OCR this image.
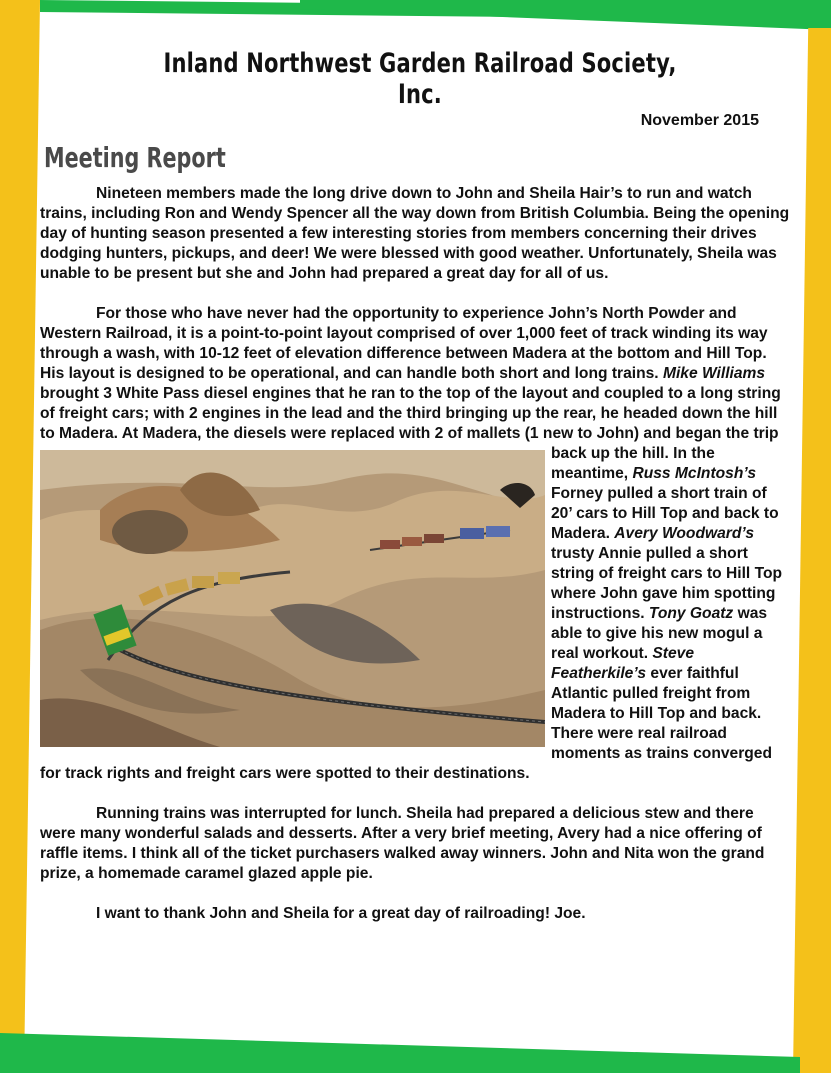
Inland Northwest Garden Railroad Society, Inc.
November 2015
Meeting Report

Nineteen members made the long drive down to John and Sheila Hair’s to run and watch trains, including Ron and Wendy Spencer all the way down from British Columbia. Being the opening day of hunting season presented a few interesting stories from members concerning their drives dodging hunters, pickups, and deer! We were blessed with good weather. Unfortunately, Sheila was unable to be present but she and John had prepared a great day for all of us.

For those who have never had the opportunity to experience John’s North Powder and Western Railroad, it is a point-to-point layout comprised of over 1,000 feet of track winding its way through a wash, with 10-12 feet of elevation difference between Madera at the bottom and Hill Top. His layout is designed to be operational, and can handle both short and long trains. Mike Williams brought 3 White Pass diesel engines that he ran to the top of the layout and coupled to a long string of freight cars; with 2 engines in the lead and the third bringing up the rear, he headed down the hill to Madera. At Madera, the diesels were replaced with 2 of
mallets (1 new to John) and began the trip back up the hill. In the meantime, Russ McIntosh’s Forney pulled a short train of 20’ cars to Hill Top and back to Madera. Avery Woodward’s trusty Annie pulled a short string of freight cars to Hill Top where John gave him spotting instructions. Tony Goatz was able to give his new mogul a real workout. Steve Featherkile’s ever faithful Atlantic pulled freight from Madera to Hill Top and back. There were real railroad moments as trains converged for track rights and freight cars were spotted to their destinations.

Running trains was interrupted for lunch. Sheila had prepared a delicious stew and there were many wonderful salads and desserts. After a very brief meeting, Avery had a nice offering of raffle items. I think all of the ticket purchasers walked away winners. John and Nita won the grand prize, a homemade caramel glazed apple pie.

I want to thank John and Sheila for a great day of railroading! Joe.
